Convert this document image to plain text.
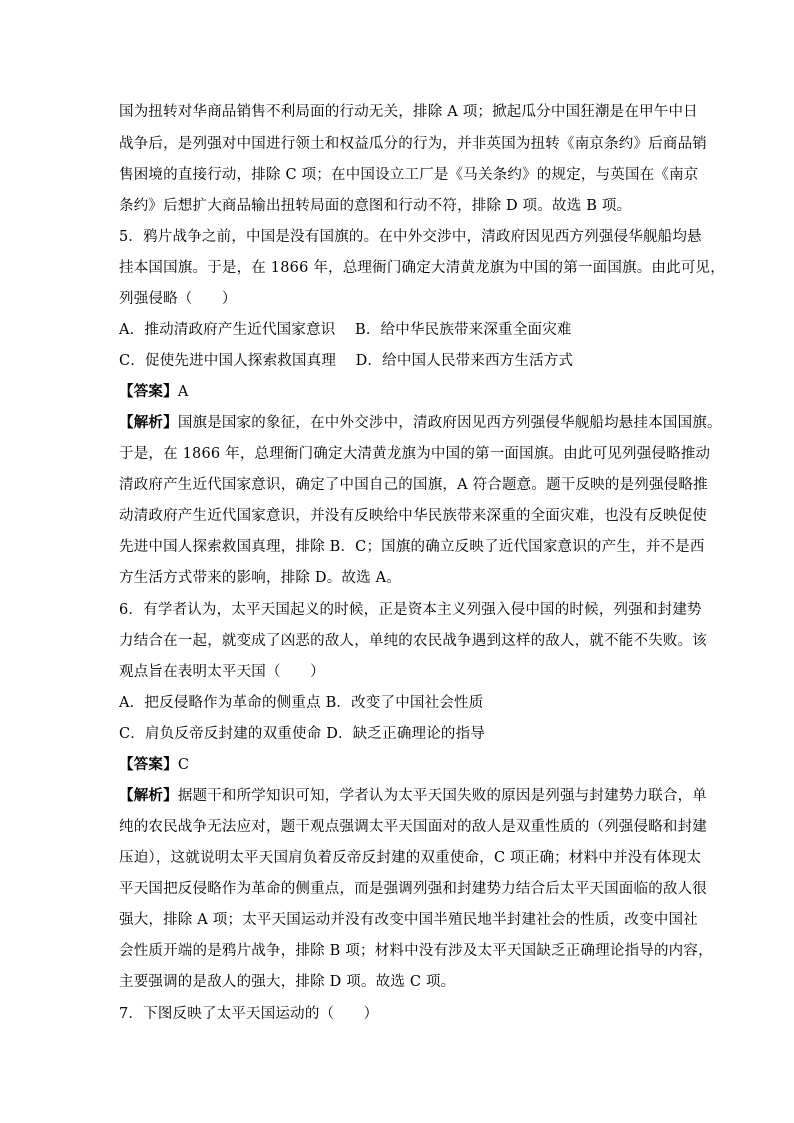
国为扭转对华商品销售不利局面的行动无关，排除 A 项；掀起瓜分中国狂潮是在甲午中日
战争后，是列强对中国进行领土和权益瓜分的行为，并非英国为扭转《南京条约》后商品销
售困境的直接行动，排除 C 项；在中国设立工厂是《马关条约》的规定，与英国在《南京
条约》后想扩大商品输出扭转局面的意图和行动不符，排除 D 项。故选 B 项。
5．鸦片战争之前，中国是没有国旗的。在中外交涉中，清政府因见西方列强侵华舰船均悬
挂本国国旗。于是，在 1866 年，总理衙门确定大清黄龙旗为中国的第一面国旗。由此可见，
列强侵略（　　）
A．推动清政府产生近代国家意识　 B．给中华民族带来深重全面灾难
C．促使先进中国人探索救国真理　 D．给中国人民带来西方生活方式
【答案】A
【解析】国旗是国家的象征，在中外交涉中，清政府因见西方列强侵华舰船均悬挂本国国旗。
于是，在 1866 年，总理衙门确定大清黄龙旗为中国的第一面国旗。由此可见列强侵略推动
清政府产生近代国家意识，确定了中国自己的国旗，A 符合题意。题干反映的是列强侵略推
动清政府产生近代国家意识，并没有反映给中华民族带来深重的全面灾难，也没有反映促使
先进中国人探索救国真理，排除 B．C；国旗的确立反映了近代国家意识的产生，并不是西
方生活方式带来的影响，排除 D。故选 A。
6．有学者认为，太平天国起义的时候，正是资本主义列强入侵中国的时候，列强和封建势
力结合在一起，就变成了凶恶的敌人，单纯的农民战争遇到这样的敌人，就不能不失败。该
观点旨在表明太平天国（　　）
A．把反侵略作为革命的侧重点 B．改变了中国社会性质
C．肩负反帝反封建的双重使命 D．缺乏正确理论的指导
【答案】C
【解析】据题干和所学知识可知，学者认为太平天国失败的原因是列强与封建势力联合，单
纯的农民战争无法应对，题干观点强调太平天国面对的敌人是双重性质的（列强侵略和封建
压迫），这就说明太平天国肩负着反帝反封建的双重使命，C 项正确；材料中并没有体现太
平天国把反侵略作为革命的侧重点，而是强调列强和封建势力结合后太平天国面临的敌人很
强大，排除 A 项；太平天国运动并没有改变中国半殖民地半封建社会的性质，改变中国社
会性质开端的是鸦片战争，排除 B 项；材料中没有涉及太平天国缺乏正确理论指导的内容，
主要强调的是敌人的强大，排除 D 项。故选 C 项。
7．下图反映了太平天国运动的（　　）
